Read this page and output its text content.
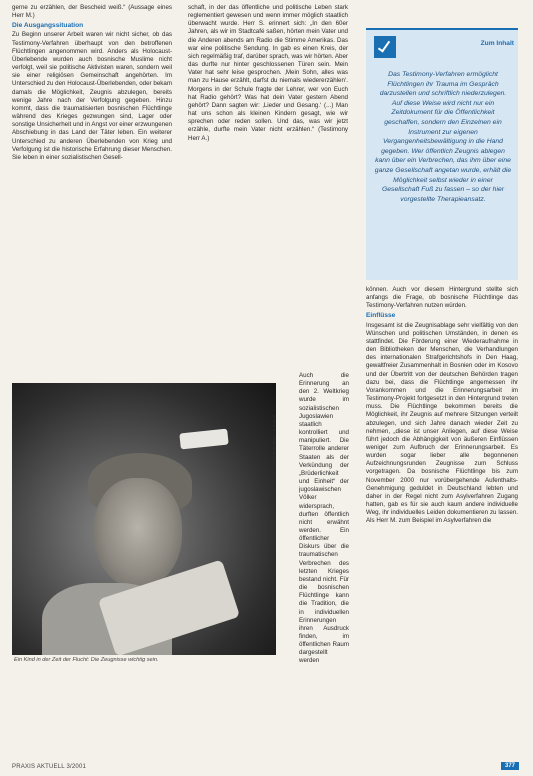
gerne zu erzählen, der Bescheid weiß.“ (Aussage eines Herr M.)

Die Ausgangssituation

Zu Beginn unserer Arbeit waren wir nicht sicher, ob das Testimony-Verfahren überhaupt von den betroffenen Flüchtlingen angenommen wird. Anders als Holocaust-Überlebende wurden auch bosnische Muslime nicht verfolgt, weil sie politische Aktivisten waren, sondern weil sie einer religiösen Gemeinschaft angehörten. Im Unterschied zu den Holocaust-Überlebenden, oder bekam damals die Möglichkeit, Zeugnis abzulegen, bereits wenige Jahre nach der Verfolgung gegeben. Hinzu kommt, dass die traumatisierten bosnischen Flüchtlinge während des Krieges gezwungen sind, Lager oder sonstige Unsicherheit und in Angst vor einer erzwungenen Abschiebung in das Land der Täter leben. Ein weiterer Unterschied zu anderen Überlebenden von Krieg und Verfolgung ist die historische Erfahrung dieser Menschen. Sie leben in einer sozialistischen Gesell-

schaft, in der das öffentliche und politische Leben stark reglementiert gewesen und wenn immer möglich staatlich überwacht wurde. Herr S. erinnert sich: „In den 60er Jahren, als wir im Stadtcafé saßen, hörten mein Vater und die Anderen abends am Radio die Stimme Amerikas. Das war eine politische Sendung. In gab es einen Kreis, der sich regelmäßig traf, darüber sprach, was wir hörten. Aber das durfte nur hinter geschlossenen Türen sein. Mein Vater hat sehr leise gesprochen. ‚Mein Sohn, alles was man zu Hause erzählt, darfst du niemals wiedererzählen‘. Morgens in der Schule fragte der Lehrer, wer von Euch hat Radio gehört? Was hat dein Vater gestern Abend gehört? Dann sagten wir: ‚Lieder und Gesang.‘ (...) Man hat uns schon als kleinen Kindern gesagt, wie wir sprechen oder reden sollen. Und das, was wir jetzt erzähle, durfte mein Vater nicht erzählen.“ (Testimony Herr A.)

Auch die Erinnerung an den 2. Weltkrieg wurde im sozialistischen Jugoslawien staatlich kontrolliert und manipuliert. Die Täterrolle anderer Staaten als der Verkündung der „Brüderlichkeit und Einheit“ der jugoslawischen Völker widersprach, durften öffentlich nicht erwähnt werden. Ein öffentlicher Diskurs über die traumatischen Verbrechen des letzten Krieges bestand nicht. Für die bosnischen Flüchtlinge kann die Tradition, die in individuellen Erinnerungen ihren Ausdruck finden, im öffentlichen Raum dargestellt werden

Foto: Ralf Jäger · Fotograf
Ein Kind in der Zeit der Flucht: Die Zeugnisse wichtig sein.
Zum Inhalt
Das Testimony-Verfahren ermöglicht Flüchtlingen ihr Trauma im Gespräch darzustellen und schriftlich niederzulegen. Auf diese Weise wird nicht nur ein Zeitdokument für die Öffentlichkeit geschaffen, sondern den Einzelnen ein Instrument zur eigenen Vergangenheitsbewältigung in die Hand gegeben. Wer öffentlich Zeugnis ablegen kann über ein Verbrechen, das ihm über eine ganze Gesellschaft angetan wurde, erhält die Möglichkeit selbst wieder in einer Gesellschaft Fuß zu fassen – so der hier vorgestellte Therapieansatz.

können. Auch vor diesem Hintergrund stellte sich anfangs die Frage, ob bosnische Flüchtlinge das Testimony-Verfahren nutzen würden.

Einflüsse

Insgesamt ist die Zeugnisablage sehr vielfältig von den Wünschen und politischen Umständen, in denen es stattfindet. Die Förderung einer Wiederaufnahme in den Bibliotheken der Menschen, die Verhandlungen des internationalen Strafgerichtshofs in Den Haag, gewaltfreier Zusammenhalt in Bosnien oder im Kosovo und der Übertritt von der deutschen Behörden tragen dazu bei, dass die Flüchtlinge angemessen ihr Vorankommen und die Erinnerungsarbeit im Testimony-Projekt fortgesetzt in den Hintergrund treten muss. Die Flüchtlinge bekommen bereits die Möglichkeit, ihr Zeugnis auf mehrere Sitzungen verteilt abzulegen, und sich Jahre danach wieder Zeit zu nehmen, „diese ist unser Anliegen, auf diese Weise führt jedoch die Abhängigkeit von äußeren Einflüssen weniger zum Aufbruch der Erinnerungsarbeit. Es wurden sogar lieber alle begonnenen Aufzeichnungsrunden Zeugnisse zum Schluss vorgetragen. Da bosnische Flüchtlinge bis zum November 2000 nur vorübergehende Aufenthalts-Genehmigung geduldet in Deutschland lebten und daher in der Regel nicht zum Asylverfahren Zugang hatten, gab es für sie auch kaum andere individuelle Weg, ihr individuelles Leiden dokumentieren zu lassen. Als Herr M. zum Beispiel im Asylverfahren die

PRAXIS AKTUELL 3/2001	377
